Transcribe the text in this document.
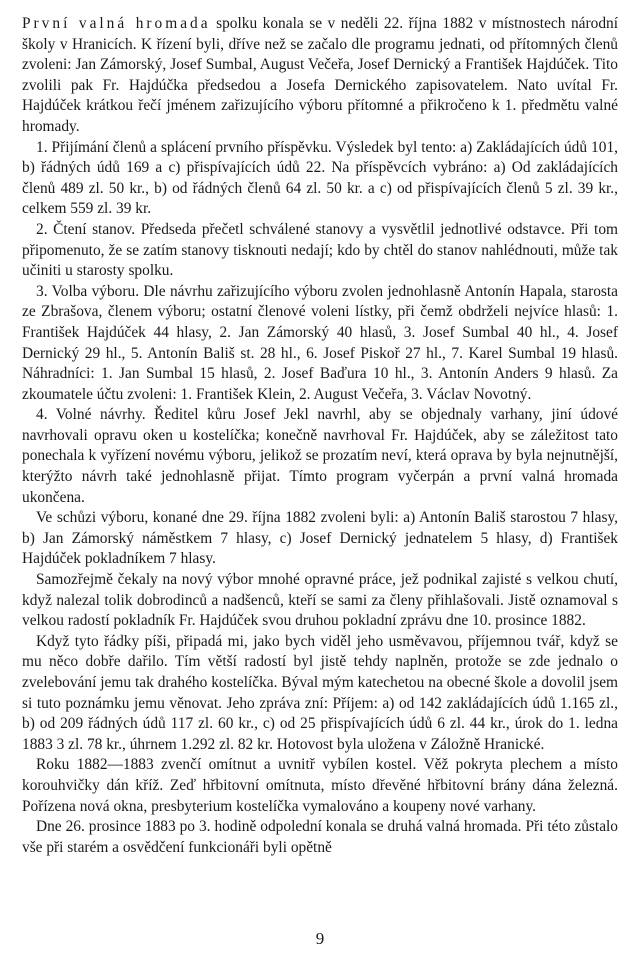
První valná hromada spolku konala se v neděli 22. října 1882 v místnostech národní školy v Hranicích. K řízení byli, dříve než se začalo dle programu jednati, od přítomných členů zvoleni: Jan Zámorský, Josef Sumbal, August Večeřa, Josef Dernický a František Hajdúček. Tito zvolili pak Fr. Hajdúčka předsedou a Josefa Dernického zapisovatelem. Nato uvítal Fr. Hajdúček krátkou řečí jménem zařizujícího výboru přítomné a přikročeno k 1. předmětu valné hromady.

1. Přijímání členů a splácení prvního příspěvku. Výsledek byl tento: a) Zakládajících údů 101, b) řádných údů 169 a c) přispívajících údů 22. Na příspěvcích vybráno: a) Od zakládajících členů 489 zl. 50 kr., b) od řádných členů 64 zl. 50 kr. a c) od přispívajících členů 5 zl. 39 kr., celkem 559 zl. 39 kr.

2. Čtení stanov. Předseda přečetl schválené stanovy a vysvětlil jednotlivé odstavce. Při tom připomenuto, že se zatím stanovy tisknouti nedají; kdo by chtěl do stanov nahlédnouti, může tak učiniti u starosty spolku.

3. Volba výboru. Dle návrhu zařizujícího výboru zvolen jednohlasně Antonín Hapala, starosta ze Zbrašova, členem výboru; ostatní členové voleni lístky, při čemž obdrželi nejvíce hlasů: 1. František Hajdúček 44 hlasy, 2. Jan Zámorský 40 hlasů, 3. Josef Sumbal 40 hl., 4. Josef Dernický 29 hl., 5. Antonín Bališ st. 28 hl., 6. Josef Piskoř 27 hl., 7. Karel Sumbal 19 hlasů. Náhradníci: 1. Jan Sumbal 15 hlasů, 2. Josef Baďura 10 hl., 3. Antonín Anders 9 hlasů. Za zkoumatele účtu zvoleni: 1. František Klein, 2. August Večeřa, 3. Václav Novotný.

4. Volné návrhy. Ředitel kůru Josef Jekl navrhl, aby se objednaly varhany, jiní údové navrhovali opravu oken u kostelíčka; konečně navrhoval Fr. Hajdúček, aby se záležitost tato ponechala k vyřízení novému výboru, jelikož se prozatím neví, která oprava by byla nejnutnější, kterýžto návrh také jednohlasně přijat. Tímto program vyčerpán a první valná hromada ukončena.

Ve schůzi výboru, konané dne 29. října 1882 zvoleni byli: a) Antonín Bališ starostou 7 hlasy, b) Jan Zámorský náměstkem 7 hlasy, c) Josef Dernický jednatelem 5 hlasy, d) František Hajdúček pokladníkem 7 hlasy.

Samozřejmě čekaly na nový výbor mnohé opravné práce, jež podnikal zajisté s velkou chutí, když nalezal tolik dobrodinců a nadšenců, kteří se sami za členy přihlašovali. Jistě oznamoval s velkou radostí pokladník Fr. Hajdúček svou druhou pokladní zprávu dne 10. prosince 1882.

Když tyto řádky píši, připadá mi, jako bych viděl jeho usměvavou, příjemnou tvář, když se mu něco dobře dařilo. Tím větší radostí byl jistě tehdy naplněn, protože se zde jednalo o zvelebování jemu tak drahého kostelíčka. Býval mým katechetou na obecné škole a dovolil jsem si tuto poznámku jemu věnovat. Jeho zpráva zní: Příjem: a) od 142 zakládajících údů 1.165 zl., b) od 209 řádných údů 117 zl. 60 kr., c) od 25 přispívajících údů 6 zl. 44 kr., úrok do 1. ledna 1883 3 zl. 78 kr., úhrnem 1.292 zl. 82 kr. Hotovost byla uložena v Záložně Hranické.

Roku 1882—1883 zvenčí omítnut a uvnitř vybílen kostel. Věž pokryta plechem a místo korouhvičky dán kříž. Zeď hřbitovní omítnuta, místo dřevěné hřbitovní brány dána železná. Pořízena nová okna, presbyterium kostelíčka vymalováno a koupeny nové varhany.

Dne 26. prosince 1883 po 3. hodině odpolední konala se druhá valná hromada. Při této zůstalo vše při starém a osvědčení funkcionáři byli opětně

9
